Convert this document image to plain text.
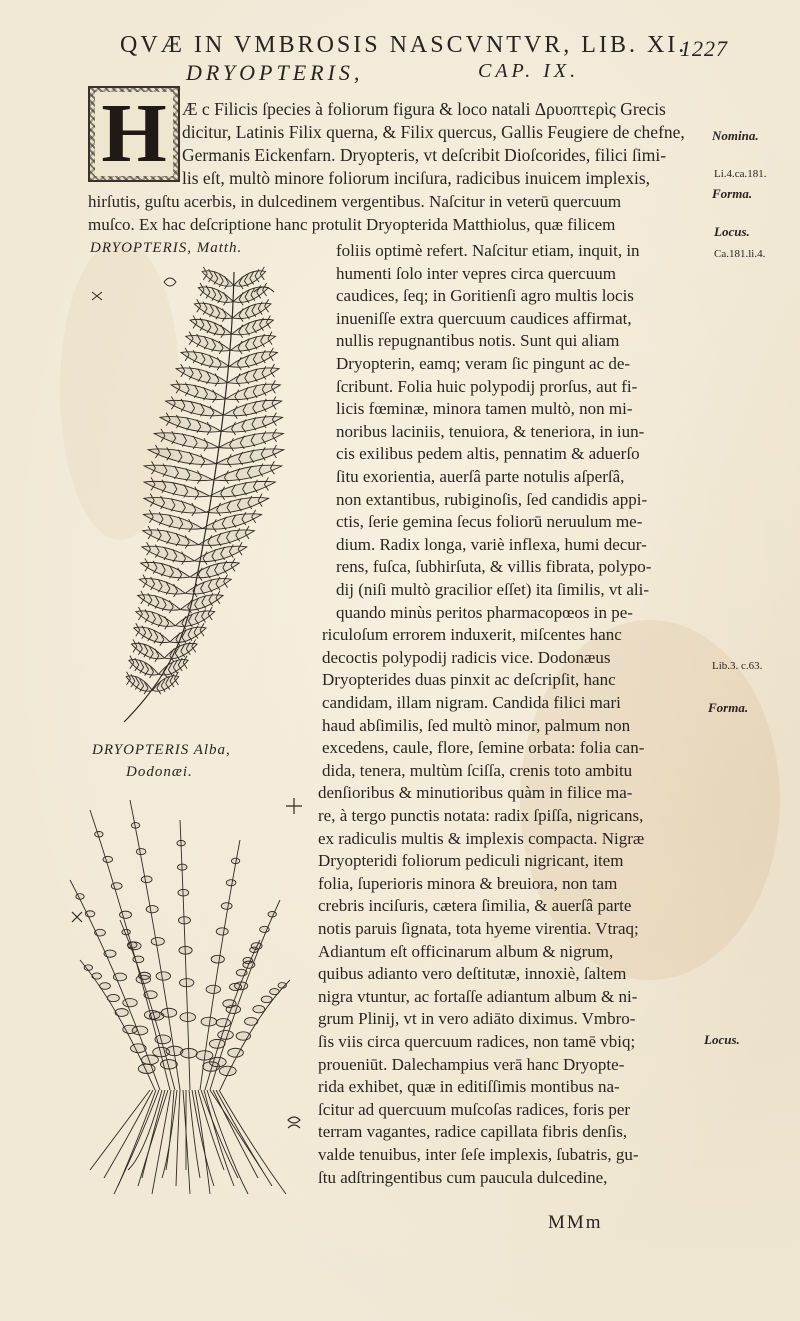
QVÆ IN VMBROSIS NASCVNTVR, LIB. XI.
1227
DRYOPTERIS,	CAP. IX.
H Æ c Filicis ſpecies à foliorum figura & loco natali Δρυοπτερὶς Grecis
dicitur, Latinis Filix querna, & Filix quercus, Gallis Feugiere de chefne,
Germanis Eickenfarn. Dryopteris, vt deſcribit Dioſcorides, filici ſimi-
lis eſt, multò minore foliorum inciſura, radicibus inuicem implexis,
hirſutis, guſtu acerbis, in dulcedinem vergentibus. Naſcitur in veterū quercuum
muſco. Ex hac deſcriptione hanc protulit Dryopterida Matthiolus, quæ filicem
Nomina.
Li.4.ca.181.
Forma.
Locus.
Ca.181.li.4.
Lib.3. c.63.
Forma.
Locus.
DRYOPTERIS, Matth.
DRYOPTERIS Alba,
Dodonæi.
foliis optimè refert. Naſcitur etiam, inquit, in
humenti ſolo inter vepres circa quercuum
caudices, ſeq; in Goritienſi agro multis locis
inueniſſe extra quercuum caudices affirmat,
nullis repugnantibus notis. Sunt qui aliam
Dryopterin, eamq; veram ſic pingunt ac de-
ſcribunt. Folia huic polypodij prorſus, aut fi-
licis fœminæ, minora tamen multò, non mi-
noribus laciniis, tenuiora, & teneriora, in iun-
cis exilibus pedem altis, pennatim & aduerſo
ſitu exorientia, auerſâ parte notulis aſperſâ,
non extantibus, rubiginoſis, ſed candidis appi-
ctis, ſerie gemina ſecus foliorū neruulum me-
dium. Radix longa, variè inflexa, humi decur-
rens, fuſca, ſubhirſuta, & villis fibrata, polypo-
dij (niſi multò gracilior eſſet) ita ſimilis, vt ali-
quando minùs peritos pharmacopœos in pe-
riculoſum errorem induxerit, miſcentes hanc
decoctis polypodij radicis vice. Dodonæus
Dryopterides duas pinxit ac deſcripſit, hanc
candidam, illam nigram. Candida filici mari
haud abſimilis, ſed multò minor, palmum non
excedens, caule, flore, ſemine orbata: folia can-
dida, tenera, multùm ſciſſa, crenis toto ambitu
denſioribus & minutioribus quàm in filice ma-
re, à tergo punctis notata: radix ſpiſſa, nigricans,
ex radiculis multis & implexis compacta. Nigræ
Dryopteridi foliorum pediculi nigricant, item
folia, ſuperioris minora & breuiora, non tam
crebris inciſuris, cætera ſimilia, & auerſâ parte
notis paruis ſignata, tota hyeme virentia. Vtraq;
Adiantum eſt officinarum album & nigrum,
quibus adianto vero deſtitutæ, innoxiè, ſaltem
nigra vtuntur, ac fortaſſe adiantum album & ni-
grum Plinij, vt in vero adiāto diximus. Vmbro-
ſis viis circa quercuum radices, non tamē vbiq;
proueniūt. Dalechampius verā hanc Dryopte-
rida exhibet, quæ in editiſſimis montibus na-
ſcitur ad quercuum muſcoſas radices, foris per
terram vagantes, radice capillata fibris denſis,
valde tenuibus, inter ſeſe implexis, ſubatris, gu-
ſtu adſtringentibus cum paucula dulcedine,
MMm
